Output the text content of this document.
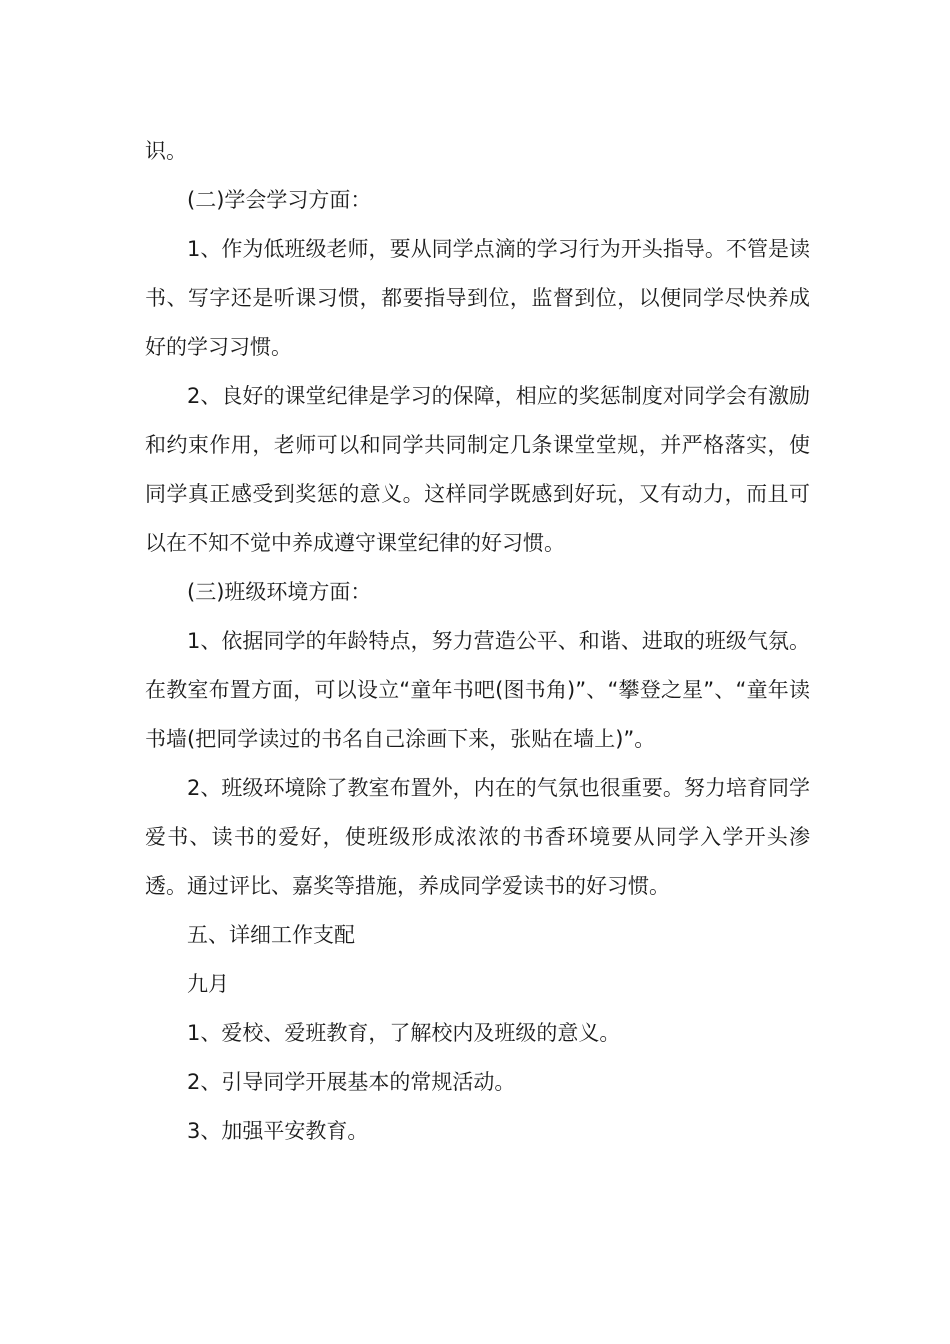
识。

(二)学会学习方面：

1、作为低班级老师，要从同学点滴的学习行为开头指导。不管是读书、写字还是听课习惯，都要指导到位，监督到位，以便同学尽快养成好的学习习惯。

2、良好的课堂纪律是学习的保障，相应的奖惩制度对同学会有激励和约束作用，老师可以和同学共同制定几条课堂堂规，并严格落实，使同学真正感受到奖惩的意义。这样同学既感到好玩，又有动力，而且可以在不知不觉中养成遵守课堂纪律的好习惯。

(三)班级环境方面：

1、依据同学的年龄特点，努力营造公平、和谐、进取的班级气氛。在教室布置方面，可以设立“童年书吧(图书角)”、“攀登之星”、“童年读书墙(把同学读过的书名自己涂画下来，张贴在墙上)”。

2、班级环境除了教室布置外，内在的气氛也很重要。努力培育同学爱书、读书的爱好，使班级形成浓浓的书香环境要从同学入学开头渗透。通过评比、嘉奖等措施，养成同学爱读书的好习惯。

五、详细工作支配

九月

1、爱校、爱班教育，了解校内及班级的意义。

2、引导同学开展基本的常规活动。

3、加强平安教育。
